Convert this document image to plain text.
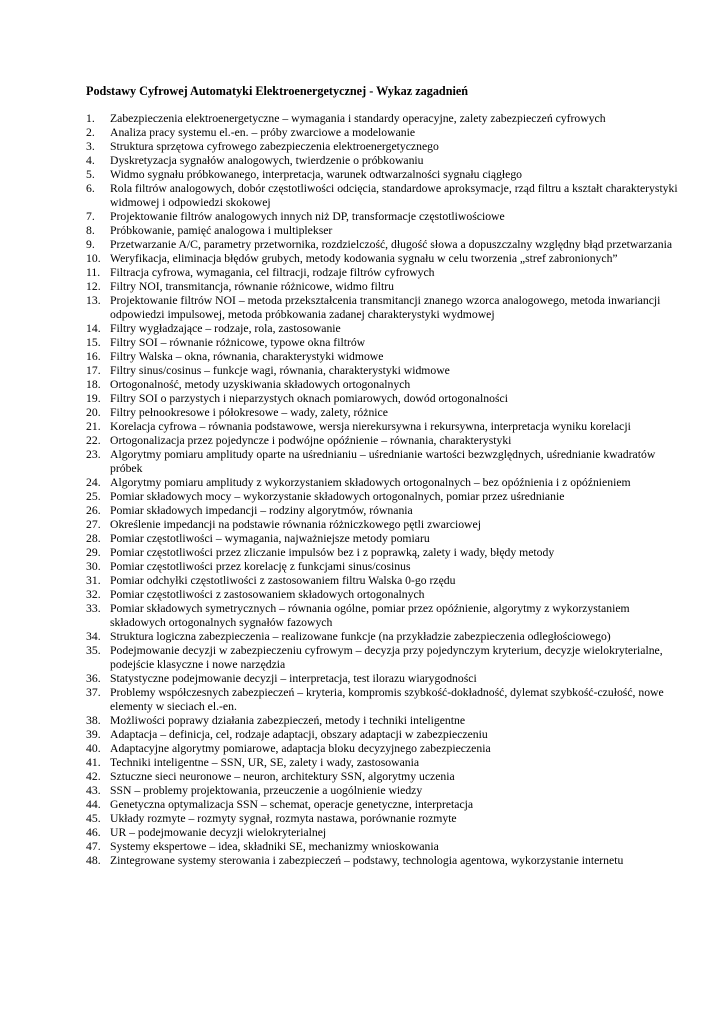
Podstawy Cyfrowej Automatyki Elektroenergetycznej - Wykaz zagadnień
1. Zabezpieczenia elektroenergetyczne – wymagania i standardy operacyjne, zalety zabezpieczeń cyfrowych
2. Analiza pracy systemu el.-en. – próby zwarciowe a modelowanie
3. Struktura sprzętowa cyfrowego zabezpieczenia elektroenergetycznego
4. Dyskretyzacja sygnałów analogowych, twierdzenie o próbkowaniu
5. Widmo sygnału próbkowanego, interpretacja, warunek odtwarzalności sygnału ciągłego
6. Rola filtrów analogowych, dobór częstotliwości odcięcia, standardowe aproksymacje, rząd filtru a kształt charakterystyki widmowej i odpowiedzi skokowej
7. Projektowanie filtrów analogowych innych niż DP, transformacje częstotliwościowe
8. Próbkowanie, pamięć analogowa i multiplekser
9. Przetwarzanie A/C, parametry przetwornika, rozdzielczość, długość słowa a dopuszczalny względny błąd przetwarzania
10. Weryfikacja, eliminacja błędów grubych, metody kodowania sygnału w celu tworzenia „stref zabronionych”
11. Filtracja cyfrowa, wymagania, cel filtracji, rodzaje filtrów cyfrowych
12. Filtry NOI, transmitancja, równanie różnicowe, widmo filtru
13. Projektowanie filtrów NOI – metoda przekształcenia transmitancji znanego wzorca analogowego, metoda inwariancji odpowiedzi impulsowej, metoda próbkowania zadanej charakterystyki wydmowej
14. Filtry wygładzające – rodzaje, rola, zastosowanie
15. Filtry SOI – równanie różnicowe, typowe okna filtrów
16. Filtry Walska – okna, równania, charakterystyki widmowe
17. Filtry sinus/cosinus – funkcje wagi, równania, charakterystyki widmowe
18. Ortogonalność, metody uzyskiwania składowych ortogonalnych
19. Filtry SOI o parzystych i nieparzystych oknach pomiarowych, dowód ortogonalności
20. Filtry pełnookresowe i półokresowe – wady, zalety, różnice
21. Korelacja cyfrowa – równania podstawowe, wersja nierekursywna i rekursywna, interpretacja wyniku korelacji
22. Ortogonalizacja przez pojedyncze i podwójne opóźnienie – równania, charakterystyki
23. Algorytmy pomiaru amplitudy oparte na uśrednianiu – uśrednianie wartości bezwzględnych, uśrednianie kwadratów próbek
24. Algorytmy pomiaru amplitudy z wykorzystaniem składowych ortogonalnych – bez opóźnienia i z opóźnieniem
25. Pomiar składowych mocy – wykorzystanie składowych ortogonalnych, pomiar przez uśrednianie
26. Pomiar składowych impedancji – rodziny algorytmów, równania
27. Określenie impedancji na podstawie równania różniczkowego pętli zwarciowej
28. Pomiar częstotliwości – wymagania, najważniejsze metody pomiaru
29. Pomiar częstotliwości przez zliczanie impulsów bez i z poprawką, zalety i wady, błędy metody
30. Pomiar częstotliwości przez korelację z funkcjami sinus/cosinus
31. Pomiar odchyłki częstotliwości z zastosowaniem filtru Walska 0-go rzędu
32. Pomiar częstotliwości z zastosowaniem składowych ortogonalnych
33. Pomiar składowych symetrycznych – równania ogólne, pomiar przez opóźnienie, algorytmy z wykorzystaniem składowych ortogonalnych sygnałów fazowych
34. Struktura logiczna zabezpieczenia – realizowane funkcje (na przykładzie zabezpieczenia odległościowego)
35. Podejmowanie decyzji w zabezpieczeniu cyfrowym – decyzja przy pojedynczym kryterium, decyzje wielokryterialne, podejście klasyczne i nowe narzędzia
36. Statystyczne podejmowanie decyzji – interpretacja, test ilorazu wiarygodności
37. Problemy współczesnych zabezpieczeń – kryteria, kompromis szybkość-dokładność, dylemat szybkość-czułość, nowe elementy w sieciach el.-en.
38. Możliwości poprawy działania zabezpieczeń, metody i techniki inteligentne
39. Adaptacja – definicja, cel, rodzaje adaptacji, obszary adaptacji w zabezpieczeniu
40. Adaptacyjne algorytmy pomiarowe, adaptacja bloku decyzyjnego zabezpieczenia
41. Techniki inteligentne – SSN, UR, SE, zalety i wady, zastosowania
42. Sztuczne sieci neuronowe – neuron, architektury SSN, algorytmy uczenia
43. SSN – problemy projektowania, przeuczenie a uogólnienie wiedzy
44. Genetyczna optymalizacja SSN – schemat, operacje genetyczne, interpretacja
45. Układy rozmyte – rozmyty sygnał, rozmyta nastawa, porównanie rozmyte
46. UR – podejmowanie decyzji wielokryterialnej
47. Systemy ekspertowe – idea, składniki SE, mechanizmy wnioskowania
48. Zintegrowane systemy sterowania i zabezpieczeń – podstawy, technologia agentowa, wykorzystanie internetu
